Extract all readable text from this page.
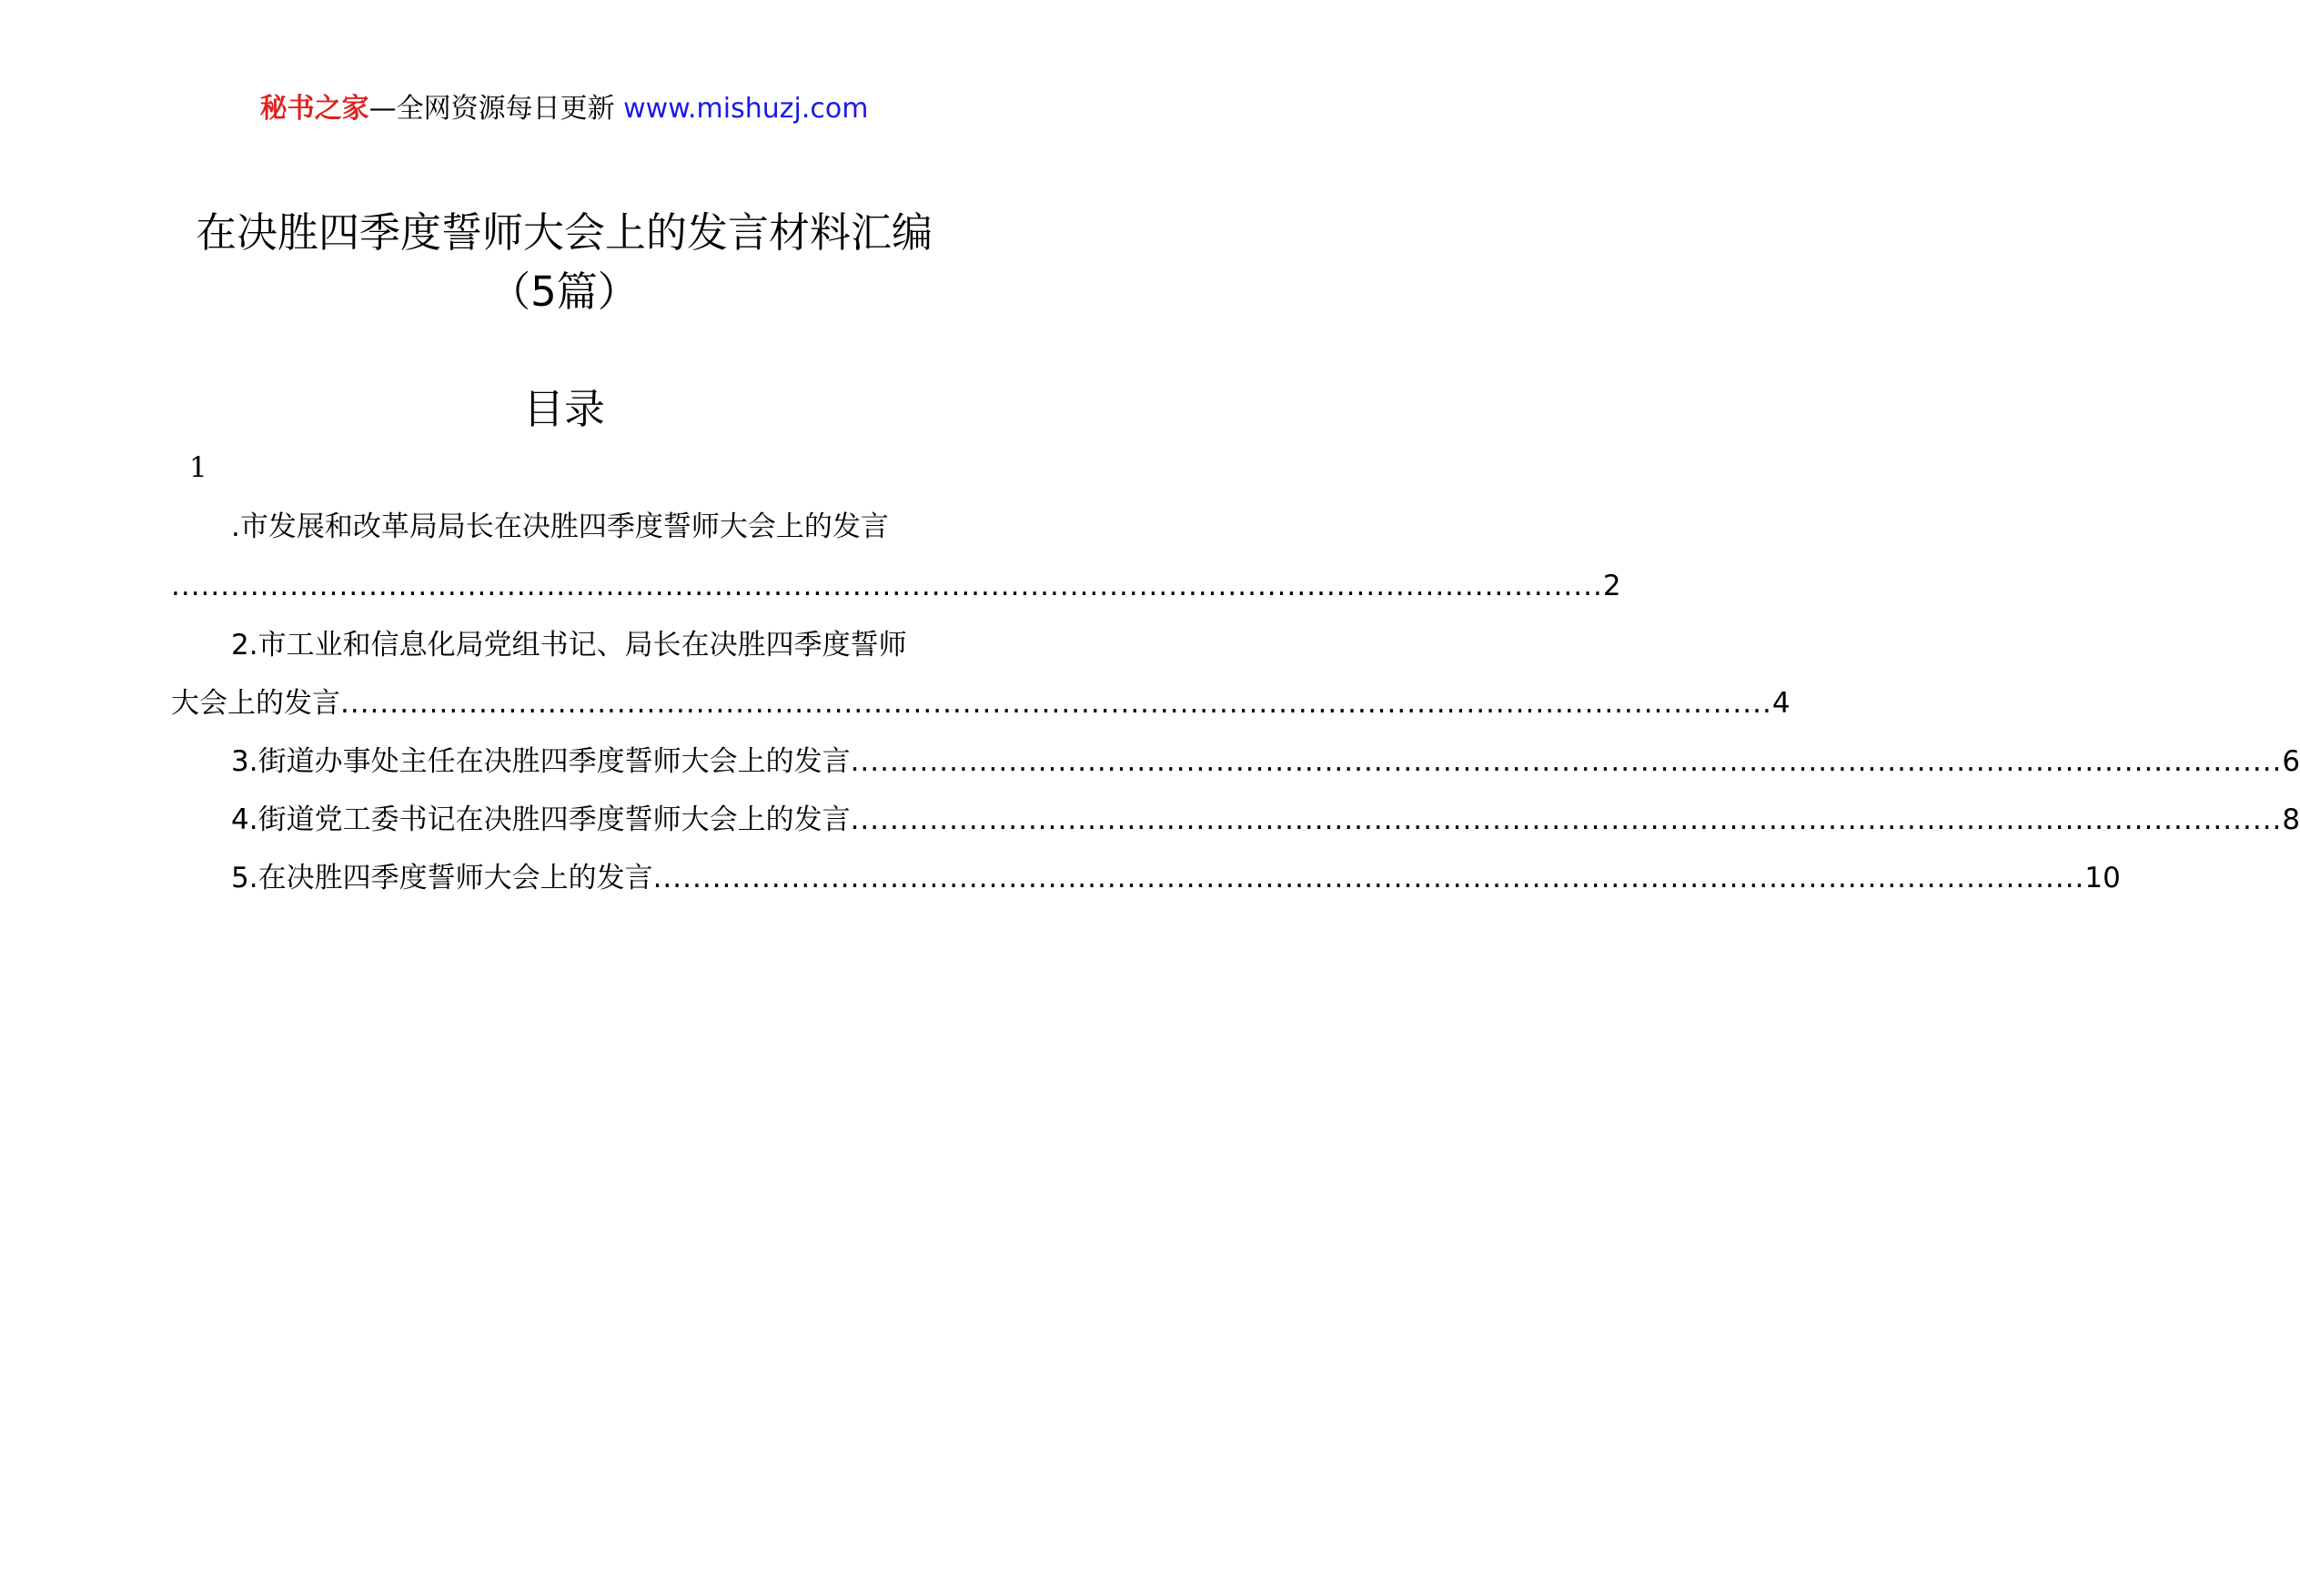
秘书之家—全网资源每日更新 www.mishuzj.com
在决胜四季度誓师大会上的发言材料汇编
（5篇）
目录
1
.市发展和改革局局长在决胜四季度誓师大会上的发言
................................................................................................................................................. 2
2.市工业和信息化局党组书记、局长在决胜四季度誓师
大会上的发言 ................................................................................................................................................. 4
3.街道办事处主任在决胜四季度誓师大会上的发言 ................................................................................................................................................. 6
4.街道党工委书记在决胜四季度誓师大会上的发言 ................................................................................................................................................. 8
5.在决胜四季度誓师大会上的发言 ................................................................................................................................................. 10
